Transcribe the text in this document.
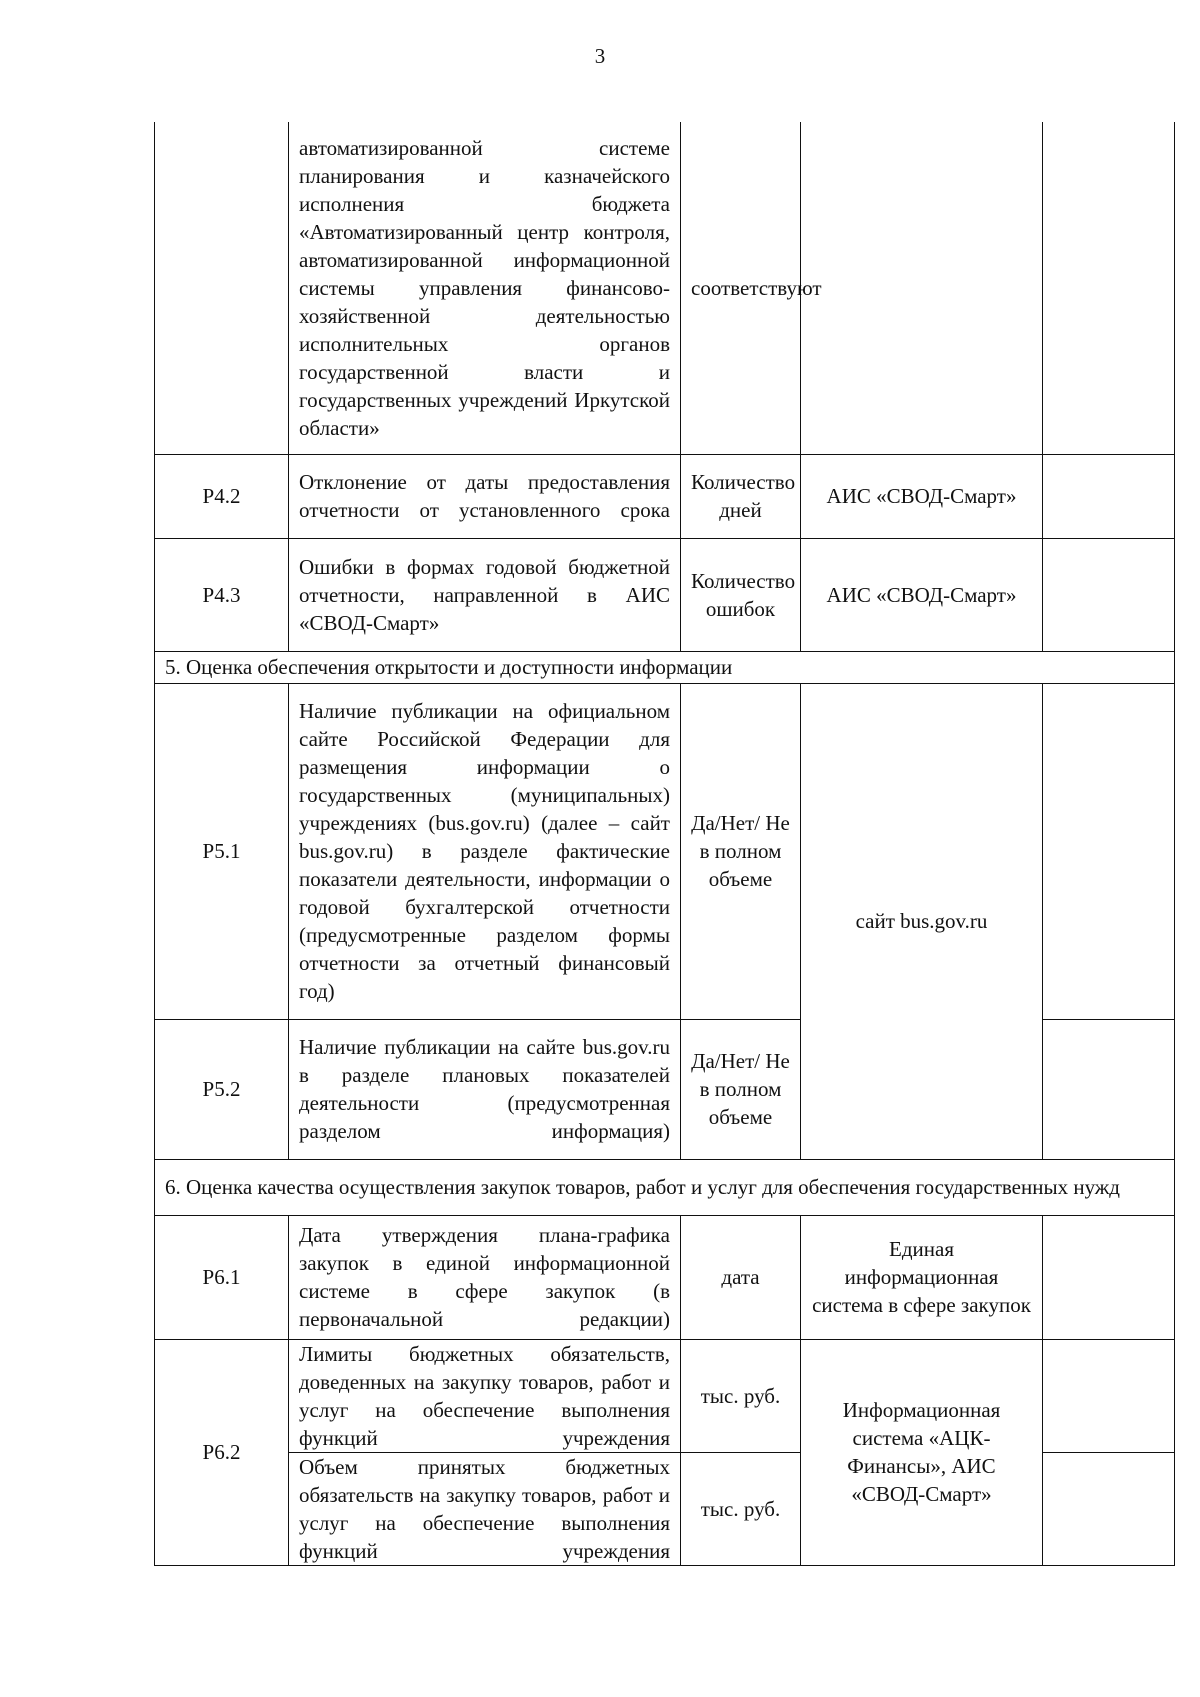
3
	автоматизированной системе планирования и казначейского исполнения бюджета «Автоматизированный центр контроля, автоматизированной информационной системы управления финансово-хозяйственной деятельностью исполнительных органов государственной власти и государственных учреждений Иркутской области»	соответствуют		
Р4.2	Отклонение от даты предоставления отчетности от установленного срока	Количество дней	АИС «СВОД-Смарт»	
Р4.3	Ошибки в формах годовой бюджетной отчетности, направленной в АИС «СВОД-Смарт»	Количество ошибок	АИС «СВОД-Смарт»	
5. Оценка обеспечения открытости и доступности информации				
Р5.1	Наличие публикации на официальном сайте Российской Федерации для размещения информации о государственных (муниципальных) учреждениях (bus.gov.ru) (далее – сайт bus.gov.ru) в разделе фактические показатели деятельности, информации о годовой бухгалтерской отчетности (предусмотренные разделом формы отчетности за отчетный финансовый год)	Да/Нет/ Не в полном объеме	сайт bus.gov.ru	
Р5.2	Наличие публикации на сайте bus.gov.ru в разделе плановых показателей деятельности (предусмотренная разделом информация)	Да/Нет/ Не в полном объеме		
6. Оценка качества осуществления закупок товаров, работ и услуг для обеспечения государственных нужд				
Р6.1	Дата утверждения плана-графика закупок в единой информационной системе в сфере закупок (в первоначальной редакции)	дата	Единая информационная система в сфере закупок	
Р6.2	Лимиты бюджетных обязательств, доведенных на закупку товаров, работ и услуг на обеспечение выполнения функций учреждения	тыс. руб.	Информационная система «АЦК-Финансы», АИС «СВОД-Смарт»	
	Объем принятых бюджетных обязательств на закупку товаров, работ и услуг на обеспечение выполнения функций учреждения	тыс. руб.		
